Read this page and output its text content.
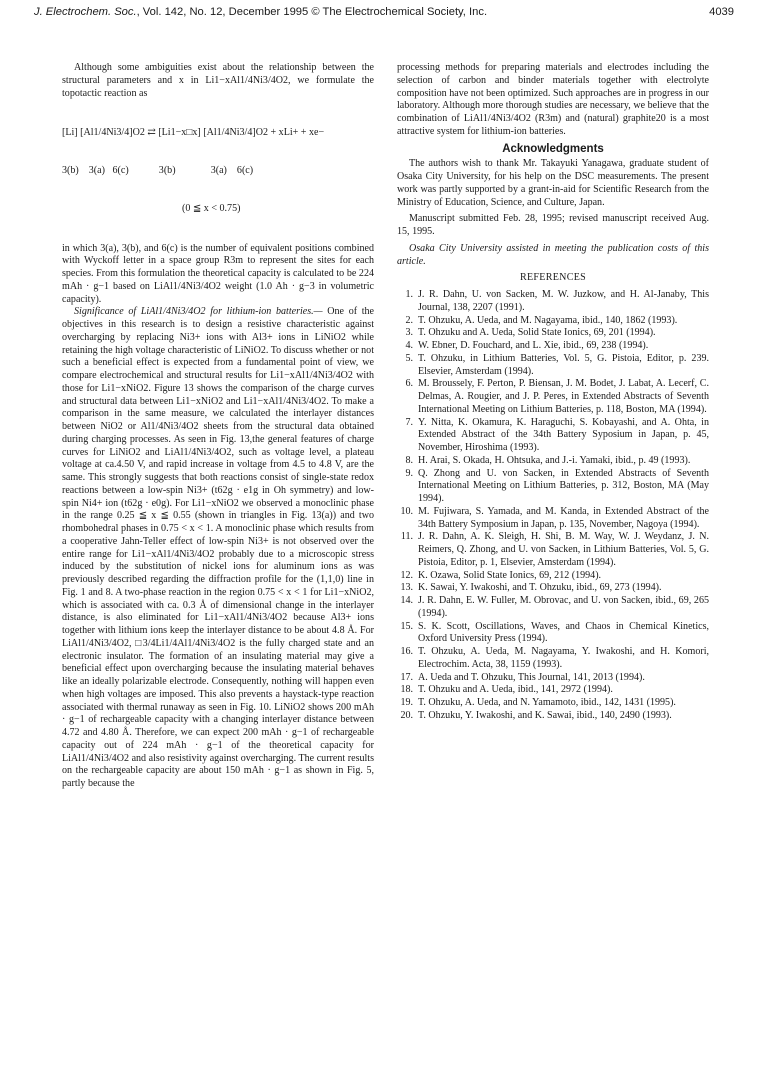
J. Electrochem. Soc., Vol. 142, No. 12, December 1995 © The Electrochemical Society, Inc.	4039

Although some ambiguities exist about the relationship between the structural parameters and x in Li1−xAl1/4Ni3/4O2, we formulate the topotactic reaction as

[Li] [Al1/4Ni3/4]O2 ⇄ [Li1−x□x] [Al1/4Ni3/4]O2 + xLi+ + xe−

3(b)    3(a)   6(c)            3(b)              3(a)    6(c)

(0 ≦ x < 0.75)

in which 3(a), 3(b), and 6(c) is the number of equivalent positions combined with Wyckoff letter in a space group R3m to represent the sites for each species. From this formulation the theoretical capacity is calculated to be 224 mAh · g−1 based on LiAl1/4Ni3/4O2 weight (1.0 Ah · g−3 in volumetric capacity).

Significance of LiAl1/4Ni3/4O2 for lithium-ion batteries.— One of the objectives in this research is to design a resistive characteristic against overcharging by replacing Ni3+ ions with Al3+ ions in LiNiO2 while retaining the high voltage characteristic of LiNiO2. To discuss whether or not such a beneficial effect is expected from a fundamental point of view, we compare electrochemical and structural results for Li1−xAl1/4Ni3/4O2 with those for Li1−xNiO2. Figure 13 shows the comparison of the charge curves and structural data between Li1−xNiO2 and Li1−xAl1/4Ni3/4O2. To make a comparison in the same measure, we calculated the interlayer distances between NiO2 or Al1/4Ni3/4O2 sheets from the structural data obtained during charging processes. As seen in Fig. 13,the general features of charge curves for LiNiO2 and LiAl1/4Ni3/4O2, such as voltage level, a plateau voltage at ca.4.50 V, and rapid increase in voltage from 4.5 to 4.8 V, are the same. This strongly suggests that both reactions consist of single-state redox reactions between a low-spin Ni3+ (t62g · e1g in Oh symmetry) and low-spin Ni4+ ion (t62g · e0g). For Li1−xNiO2 we observed a monoclinic phase in the range 0.25 ≦ x ≦ 0.55 (shown in triangles in Fig. 13(a)) and two rhombohedral phases in 0.75 < x < 1. A monoclinic phase which results from a cooperative Jahn-Teller effect of low-spin Ni3+ is not observed over the entire range for Li1−xAl1/4Ni3/4O2 probably due to a microscopic stress induced by the substitution of nickel ions for aluminum ions as was previously described regarding the diffraction profile for the (1,1,0) line in Fig. 1 and 8. A two-phase reaction in the region 0.75 < x < 1 for Li1−xNiO2, which is associated with ca. 0.3 Å of dimensional change in the interlayer distance, is also eliminated for Li1−xAl1/4Ni3/4O2 because Al3+ ions together with lithium ions keep the interlayer distance to be about 4.8 Å. For LiAl1/4Ni3/4O2, □3/4Li1/4Al1/4Ni3/4O2 is the fully charged state and an electronic insulator. The formation of an insulating material may give a beneficial effect upon overcharging because the insulating material behaves like an ideally polarizable electrode. Consequently, nothing will happen even when high voltages are imposed. This also prevents a haystack-type reaction associated with thermal runaway as seen in Fig. 10. LiNiO2 shows 200 mAh · g−1 of rechargeable capacity with a changing interlayer distance between 4.72 and 4.80 Å. Therefore, we can expect 200 mAh · g−1 of rechargeable capacity out of 224 mAh · g−1 of the theoretical capacity for LiAl1/4Ni3/4O2 and also resistivity against overcharging. The current results on the rechargeable capacity are about 150 mAh · g−1 as shown in Fig. 5, partly because the

processing methods for preparing materials and electrodes including the selection of carbon and binder materials together with electrolyte composition have not been optimized. Such approaches are in progress in our laboratory. Although more thorough studies are necessary, we believe that the combination of LiAl1/4Ni3/4O2 (R3m) and (natural) graphite20 is a most attractive system for lithium-ion batteries.

Acknowledgments

The authors wish to thank Mr. Takayuki Yanagawa, graduate student of Osaka City University, for his help on the DSC measurements. The present work was partly supported by a grant-in-aid for Scientific Research from the Ministry of Education, Science, and Culture, Japan.

Manuscript submitted Feb. 28, 1995; revised manuscript received Aug. 15, 1995.

Osaka City University assisted in meeting the publication costs of this article.

REFERENCES
1. J. R. Dahn, U. von Sacken, M. W. Juzkow, and H. Al-Janaby, This Journal, 138, 2207 (1991).
2. T. Ohzuku, A. Ueda, and M. Nagayama, ibid., 140, 1862 (1993).
3. T. Ohzuku and A. Ueda, Solid State Ionics, 69, 201 (1994).
4. W. Ebner, D. Fouchard, and L. Xie, ibid., 69, 238 (1994).
5. T. Ohzuku, in Lithium Batteries, Vol. 5, G. Pistoia, Editor, p. 239. Elsevier, Amsterdam (1994).
6. M. Broussely, F. Perton, P. Biensan, J. M. Bodet, J. Labat, A. Lecerf, C. Delmas, A. Rougier, and J. P. Peres, in Extended Abstracts of Seventh International Meeting on Lithium Batteries, p. 118, Boston, MA (1994).
7. Y. Nitta, K. Okamura, K. Haraguchi, S. Kobayashi, and A. Ohta, in Extended Abstract of the 34th Battery Syposium in Japan, p. 45, November, Hiroshima (1993).
8. H. Arai, S. Okada, H. Ohtsuka, and J.-i. Yamaki, ibid., p. 49 (1993).
9. Q. Zhong and U. von Sacken, in Extended Abstracts of Seventh International Meeting on Lithium Batteries, p. 312, Boston, MA (May 1994).
10. M. Fujiwara, S. Yamada, and M. Kanda, in Extended Abstract of the 34th Battery Symposium in Japan, p. 135, November, Nagoya (1994).
11. J. R. Dahn, A. K. Sleigh, H. Shi, B. M. Way, W. J. Weydanz, J. N. Reimers, Q. Zhong, and U. von Sacken, in Lithium Batteries, Vol. 5, G. Pistoia, Editor, p. 1, Elsevier, Amsterdam (1994).
12. K. Ozawa, Solid State Ionics, 69, 212 (1994).
13. K. Sawai, Y. Iwakoshi, and T. Ohzuku, ibid., 69, 273 (1994).
14. J. R. Dahn, E. W. Fuller, M. Obrovac, and U. von Sacken, ibid., 69, 265 (1994).
15. S. K. Scott, Oscillations, Waves, and Chaos in Chemical Kinetics, Oxford University Press (1994).
16. T. Ohzuku, A. Ueda, M. Nagayama, Y. Iwakoshi, and H. Komori, Electrochim. Acta, 38, 1159 (1993).
17. A. Ueda and T. Ohzuku, This Journal, 141, 2013 (1994).
18. T. Ohzuku and A. Ueda, ibid., 141, 2972 (1994).
19. T. Ohzuku, A. Ueda, and N. Yamamoto, ibid., 142, 1431 (1995).
20. T. Ohzuku, Y. Iwakoshi, and K. Sawai, ibid., 140, 2490 (1993).
